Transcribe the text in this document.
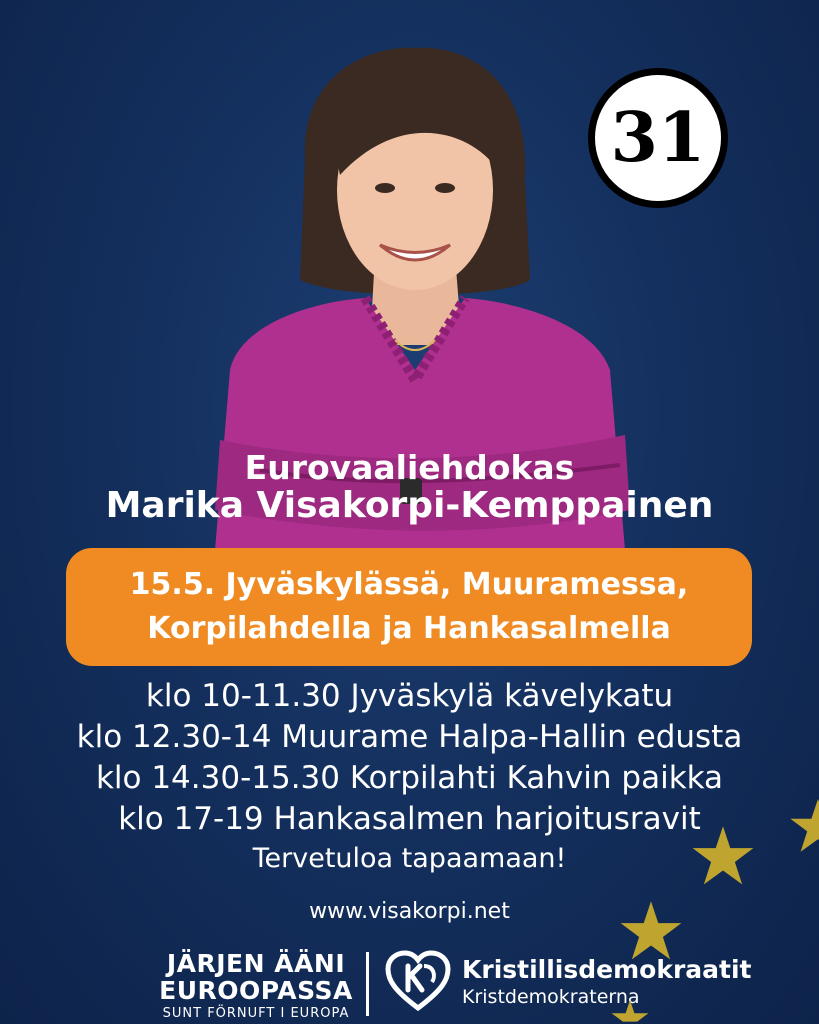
31
Eurovaaliehdokas
Marika Visakorpi-Kemppainen
15.5. Jyväskylässä, Muuramessa,
Korpilahdella ja Hankasalmella
klo 10-11.30 Jyväskylä kävelykatu
klo 12.30-14 Muurame Halpa-Hallin edusta
klo 14.30-15.30 Korpilahti Kahvin paikka
klo 17-19 Hankasalmen harjoitusravit
Tervetuloa tapaamaan!
www.visakorpi.net
JÄRJEN ÄÄNI
EUROOPASSA
SUNT FÖRNUFT I EUROPA
Kristillisdemokraatit
Kristdemokraterna
